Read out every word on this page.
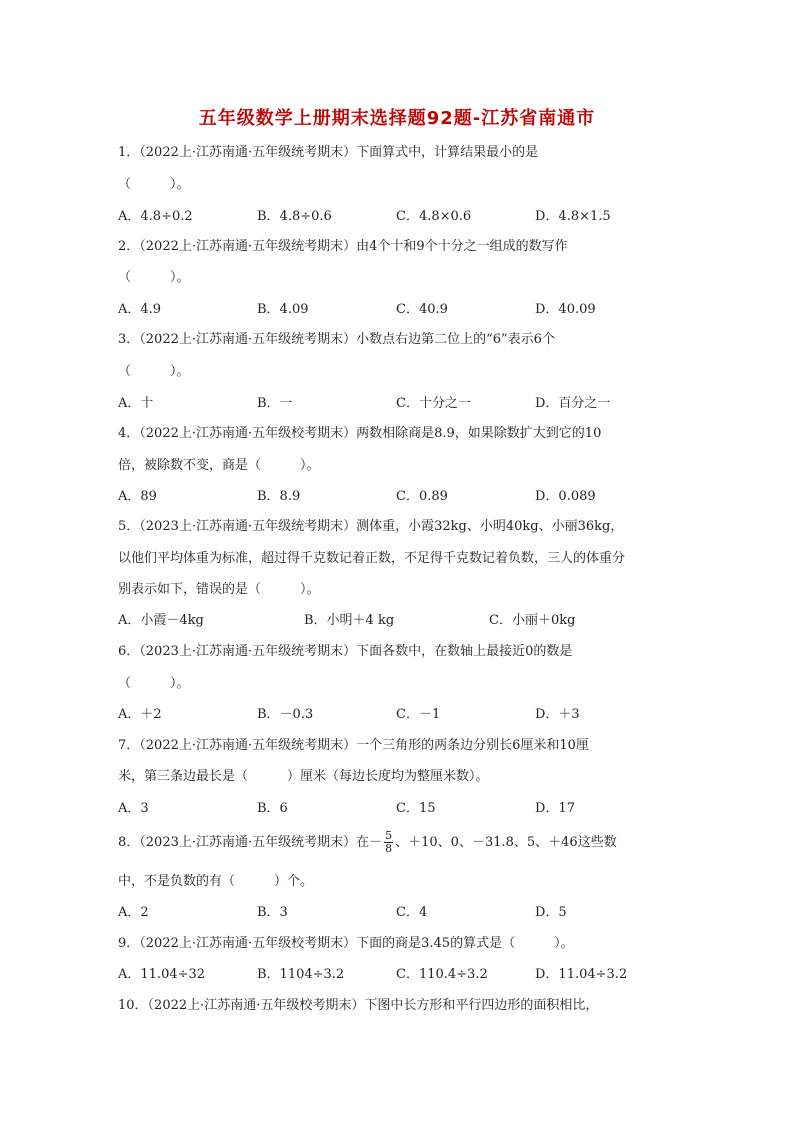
五年级数学上册期末选择题92题-江苏省南通市
1．（2022上·江苏南通·五年级统考期末）下面算式中，计算结果最小的是
（　　　）。
A．4.8÷0.2	B．4.8÷0.6	C．4.8×0.6	D．4.8×1.5
2．（2022上·江苏南通·五年级统考期末）由4个十和9个十分之一组成的数写作
（　　　）。
A．4.9	B．4.09	C．40.9	D．40.09
3．（2022上·江苏南通·五年级统考期末）小数点右边第二位上的“6”表示6个
（　　　）。
A．十	B．一	C．十分之一	D．百分之一
4．（2022上·江苏南通·五年级校考期末）两数相除商是8.9，如果除数扩大到它的10
倍，被除数不变，商是（　　　）。
A．89	B．8.9	C．0.89	D．0.089
5．（2023上·江苏南通·五年级统考期末）测体重，小霞32kg、小明40kg、小丽36kg，
以他们平均体重为标准，超过得千克数记着正数，不足得千克数记着负数，三人的体重分
别表示如下，错误的是（　　　）。
A．小霞－4kg	B．小明＋4 kg	C．小丽＋0kg
6．（2023上·江苏南通·五年级统考期末）下面各数中，在数轴上最接近0的数是
（　　　）。
A．＋2	B．－0.3	C．－1	D．＋3
7．（2022上·江苏南通·五年级统考期末）一个三角形的两条边分别长6厘米和10厘
米，第三条边最长是（　　　）厘米（每边长度均为整厘米数）。
A．3	B．6	C．15	D．17
8．（2023上·江苏南通·五年级统考期末）在－ $\frac{5}{8}$ 、＋10、0、－31.8、5、＋46这些数
中，不是负数的有（　　　）个。
A．2	B．3	C．4	D．5
9．（2022上·江苏南通·五年级校考期末）下面的商是3.45的算式是（　　　）。
A．11.04÷32	B．1104÷3.2	C．110.4÷3.2	D．11.04÷3.2
10．（2022上·江苏南通·五年级校考期末）下图中长方形和平行四边形的面积相比，
